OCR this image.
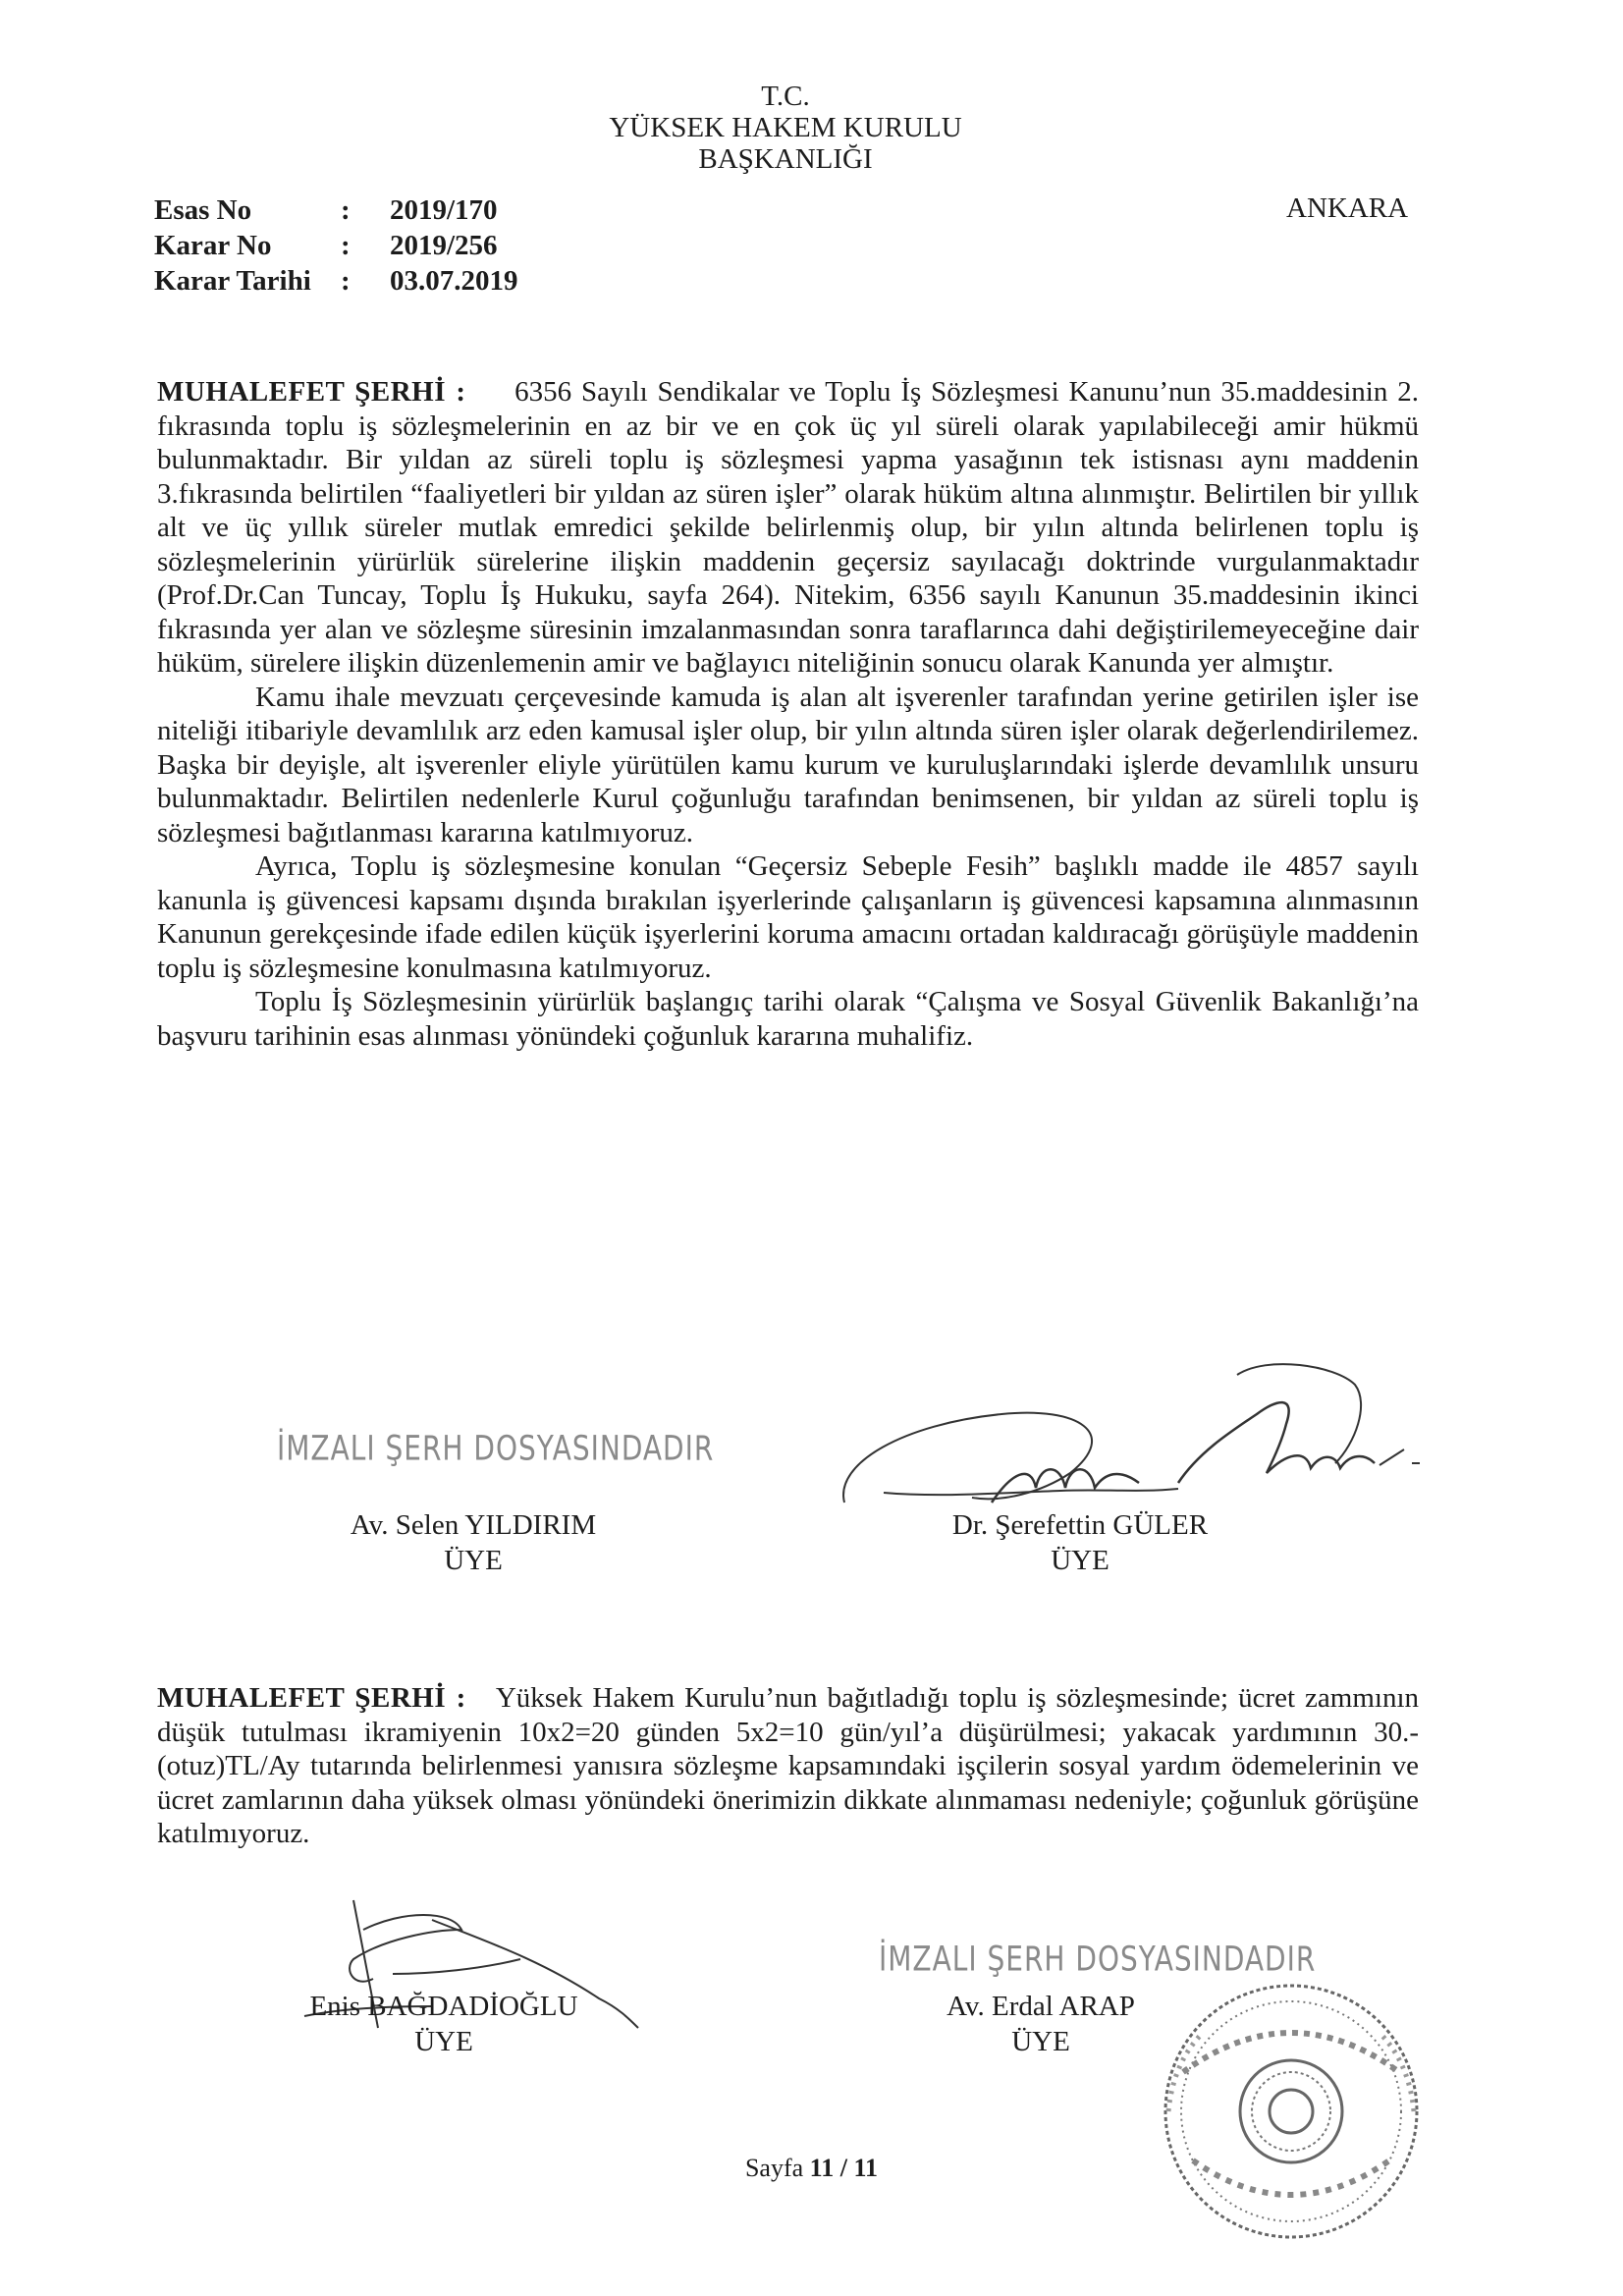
T.C.
YÜKSEK HAKEM KURULU
BAŞKANLIĞI
Esas No	:	2019/170
Karar No	:	2019/256
Karar Tarihi	:	03.07.2019
ANKARA

MUHALEFET ŞERHİ : 6356 Sayılı Sendikalar ve Toplu İş Sözleşmesi Kanunu’nun 35.maddesinin 2. fıkrasında toplu iş sözleşmelerinin en az bir ve en çok üç yıl süreli olarak yapılabileceği amir hükmü bulunmaktadır. Bir yıldan az süreli toplu iş sözleşmesi yapma yasağının tek istisnası aynı maddenin 3.fıkrasında belirtilen “faaliyetleri bir yıldan az süren işler” olarak hüküm altına alınmıştır. Belirtilen bir yıllık alt ve üç yıllık süreler mutlak emredici şekilde belirlenmiş olup, bir yılın altında belirlenen toplu iş sözleşmelerinin yürürlük sürelerine ilişkin maddenin geçersiz sayılacağı doktrinde vurgulanmaktadır (Prof.Dr.Can Tuncay, Toplu İş Hukuku, sayfa 264). Nitekim, 6356 sayılı Kanunun 35.maddesinin ikinci fıkrasında yer alan ve sözleşme süresinin imzalanmasından sonra taraflarınca dahi değiştirilemeyeceğine dair hüküm, sürelere ilişkin düzenlemenin amir ve bağlayıcı niteliğinin sonucu olarak Kanunda yer almıştır.

Kamu ihale mevzuatı çerçevesinde kamuda iş alan alt işverenler tarafından yerine getirilen işler ise niteliği itibariyle devamlılık arz eden kamusal işler olup, bir yılın altında süren işler olarak değerlendirilemez. Başka bir deyişle, alt işverenler eliyle yürütülen kamu kurum ve kuruluşlarındaki işlerde devamlılık unsuru bulunmaktadır. Belirtilen nedenlerle Kurul çoğunluğu tarafından benimsenen, bir yıldan az süreli toplu iş sözleşmesi bağıtlanması kararına katılmıyoruz.

Ayrıca, Toplu iş sözleşmesine konulan “Geçersiz Sebeple Fesih” başlıklı madde ile 4857 sayılı kanunla iş güvencesi kapsamı dışında bırakılan işyerlerinde çalışanların iş güvencesi kapsamına alınmasının Kanunun gerekçesinde ifade edilen küçük işyerlerini koruma amacını ortadan kaldıracağı görüşüyle maddenin toplu iş sözleşmesine konulmasına katılmıyoruz.

Toplu İş Sözleşmesinin yürürlük başlangıç tarihi olarak “Çalışma ve Sosyal Güvenlik Bakanlığı’na başvuru tarihinin esas alınması yönündeki çoğunluk kararına muhalifiz.

İMZALI ŞERH DOSYASINDADIR
Av. Selen YILDIRIM
ÜYE
Dr. Şerefettin GÜLER
ÜYE

MUHALEFET ŞERHİ : Yüksek Hakem Kurulu’nun bağıtladığı toplu iş sözleşmesinde; ücret zammının düşük tutulması ikramiyenin 10x2=20 günden 5x2=10 gün/yıl’a düşürülmesi; yakacak yardımının 30.-(otuz)TL/Ay tutarında belirlenmesi yanısıra sözleşme kapsamındaki işçilerin sosyal yardım ödemelerinin ve ücret zamlarının daha yüksek olması yönündeki önerimizin dikkate alınmaması nedeniyle; çoğunluk görüşüne katılmıyoruz.

Enis BAĞDADİOĞLU
ÜYE
İMZALI ŞERH DOSYASINDADIR
Av. Erdal ARAP
ÜYE
Sayfa 11 / 11
